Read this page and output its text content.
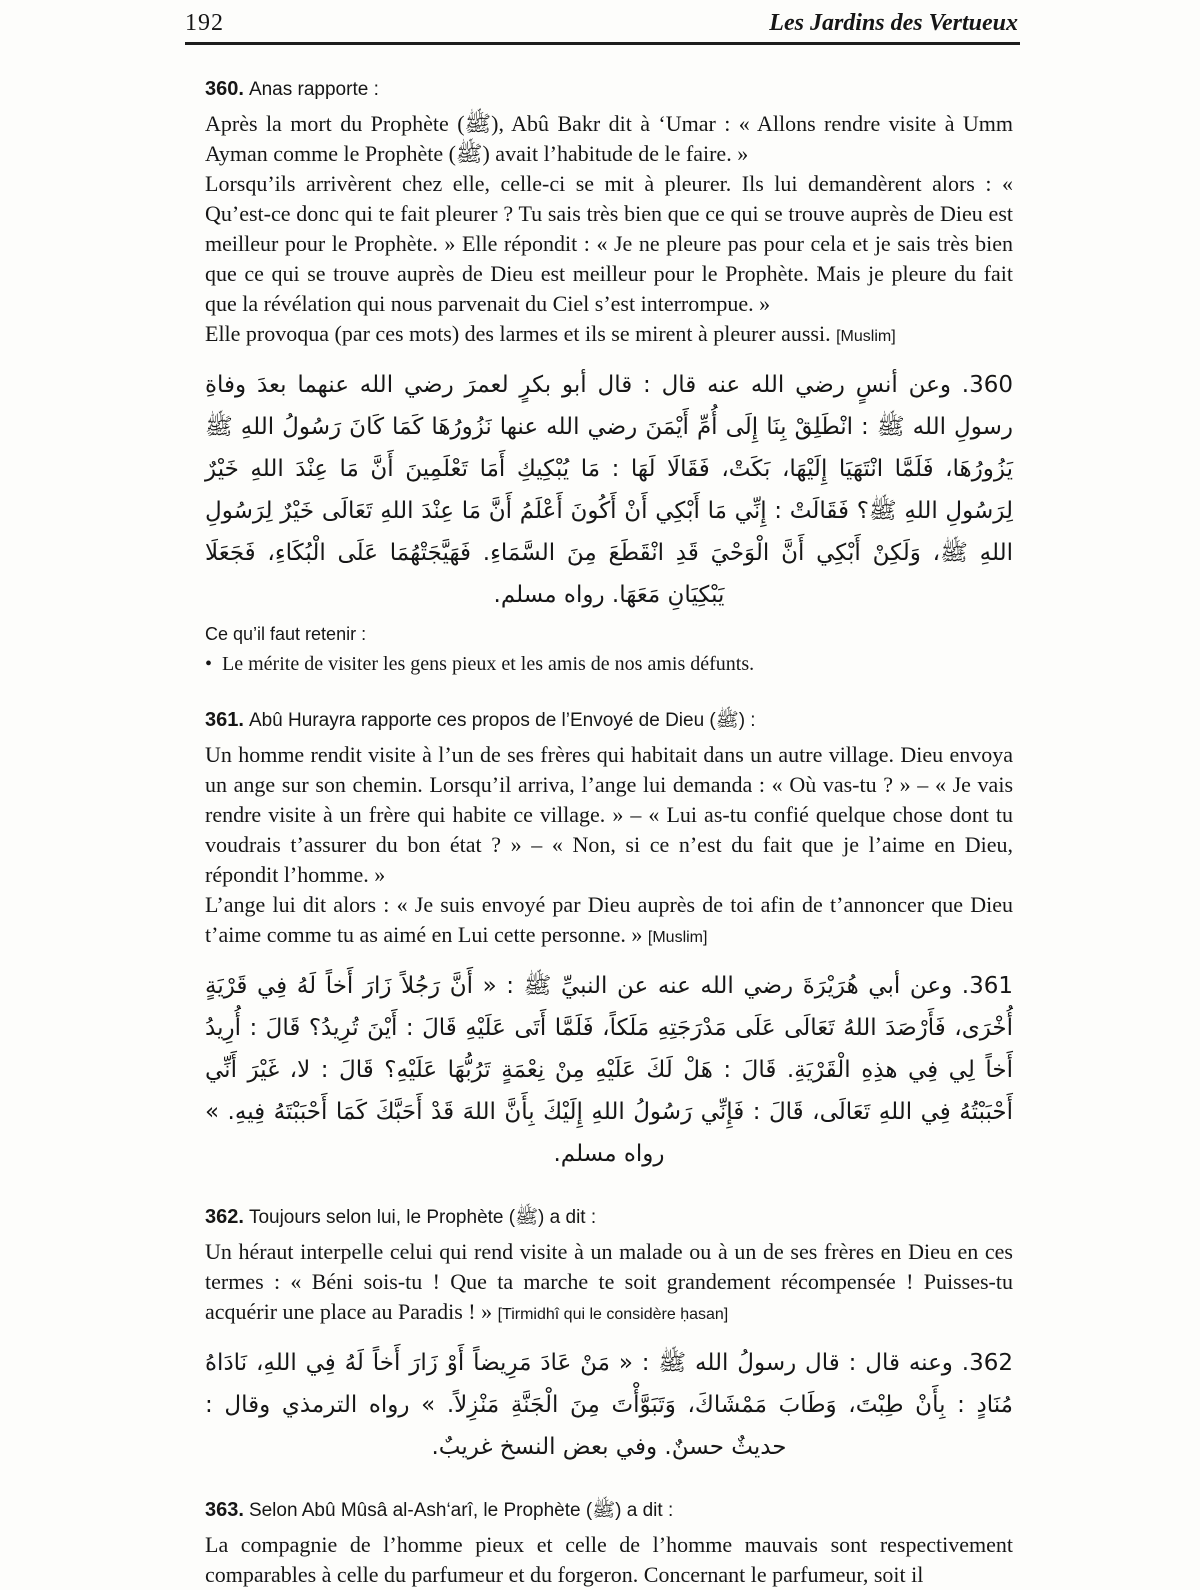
192	Les Jardins des Vertueux
360. Anas rapporte :

Après la mort du Prophète (ﷺ), Abû Bakr dit à ‘Umar : « Allons rendre visite à Umm Ayman comme le Prophète (ﷺ) avait l’habitude de le faire. »

Lorsqu’ils arrivèrent chez elle, celle-ci se mit à pleurer. Ils lui demandèrent alors : « Qu’est-ce donc qui te fait pleurer ? Tu sais très bien que ce qui se trouve auprès de Dieu est meilleur pour le Prophète. » Elle répondit : « Je ne pleure pas pour cela et je sais très bien que ce qui se trouve auprès de Dieu est meilleur pour le Prophète. Mais je pleure du fait que la révélation qui nous parvenait du Ciel s’est interrompue. »

Elle provoqua (par ces mots) des larmes et ils se mirent à pleurer aussi. [Muslim]

360. وعن أنسٍ رضي الله عنه قال : قال أبو بكرٍ لعمرَ رضي الله عنهما بعدَ وفاةِ رسولِ الله ﷺ : انْطَلِقْ بِنَا إِلَى أُمِّ أَيْمَنَ رضي الله عنها نَزُورُهَا كَمَا كَانَ رَسُولُ اللهِ ﷺ يَزُورُهَا، فَلَمَّا انْتَهَيَا إِلَيْهَا، بَكَتْ، فَقَالَا لَهَا : مَا يُبْكِيكِ أَمَا تَعْلَمِينَ أَنَّ مَا عِنْدَ اللهِ خَيْرٌ لِرَسُولِ اللهِ ﷺ؟ فَقَالَتْ : إِنِّي مَا أَبْكِي أَنْ أَكُونَ أَعْلَمُ أَنَّ مَا عِنْدَ اللهِ تَعَالَى خَيْرٌ لِرَسُولِ اللهِ ﷺ، وَلَكِنْ أَبْكِي أَنَّ الْوَحْيَ قَدِ انْقَطَعَ مِنَ السَّمَاءِ. فَهَيَّجَتْهُمَا عَلَى الْبُكَاءِ، فَجَعَلَا يَبْكِيَانِ مَعَهَا. رواه مسلم.
Ce qu’il faut retenir :
• Le mérite de visiter les gens pieux et les amis de nos amis défunts.
361. Abû Hurayra rapporte ces propos de l’Envoyé de Dieu (ﷺ) :

Un homme rendit visite à l’un de ses frères qui habitait dans un autre village. Dieu envoya un ange sur son chemin. Lorsqu’il arriva, l’ange lui demanda : « Où vas-tu ? » – « Je vais rendre visite à un frère qui habite ce village. » – « Lui as-tu confié quelque chose dont tu voudrais t’assurer du bon état ? » – « Non, si ce n’est du fait que je l’aime en Dieu, répondit l’homme. »

L’ange lui dit alors : « Je suis envoyé par Dieu auprès de toi afin de t’annoncer que Dieu t’aime comme tu as aimé en Lui cette personne. » [Muslim]

361. وعن أبي هُرَيْرَةَ رضي الله عنه عن النبيِّ ﷺ : « أَنَّ رَجُلاً زَارَ أَخاً لَهُ فِي قَرْيَةٍ أُخْرَى، فَأَرْصَدَ اللهُ تَعَالَى عَلَى مَدْرَجَتِهِ مَلَكاً، فَلَمَّا أَتَى عَلَيْهِ قَالَ : أَيْنَ تُرِيدُ؟ قَالَ : أُرِيدُ أَخاً لِي فِي هذِهِ الْقَرْيَةِ. قَالَ : هَلْ لَكَ عَلَيْهِ مِنْ نِعْمَةٍ تَرُبُّهَا عَلَيْهِ؟ قَالَ : لا، غَيْرَ أَنِّي أَحْبَبْتُهُ فِي اللهِ تَعَالَى، قَالَ : فَإِنِّي رَسُولُ اللهِ إِلَيْكَ بِأَنَّ اللهَ قَدْ أَحَبَّكَ كَمَا أَحْبَبْتَهُ فِيهِ. » رواه مسلم.
362. Toujours selon lui, le Prophète (ﷺ) a dit :

Un héraut interpelle celui qui rend visite à un malade ou à un de ses frères en Dieu en ces termes : « Béni sois-tu ! Que ta marche te soit grandement récompensée ! Puisses-tu acquérir une place au Paradis ! » [Tirmidhî qui le considère ḥasan]

362. وعنه قال : قال رسولُ الله ﷺ : « مَنْ عَادَ مَرِيضاً أَوْ زَارَ أَخاً لَهُ فِي اللهِ، نَادَاهُ مُنَادٍ : بِأَنْ طِبْتَ، وَطَابَ مَمْشَاكَ، وَتَبَوَّأْتَ مِنَ الْجَنَّةِ مَنْزِلاً. » رواه الترمذي وقال : حديثٌ حسنٌ. وفي بعض النسخ غريبٌ.
363. Selon Abû Mûsâ al-Ash‘arî, le Prophète (ﷺ) a dit :

La compagnie de l’homme pieux et celle de l’homme mauvais sont respectivement comparables à celle du parfumeur et du forgeron. Concernant le parfumeur, soit il
